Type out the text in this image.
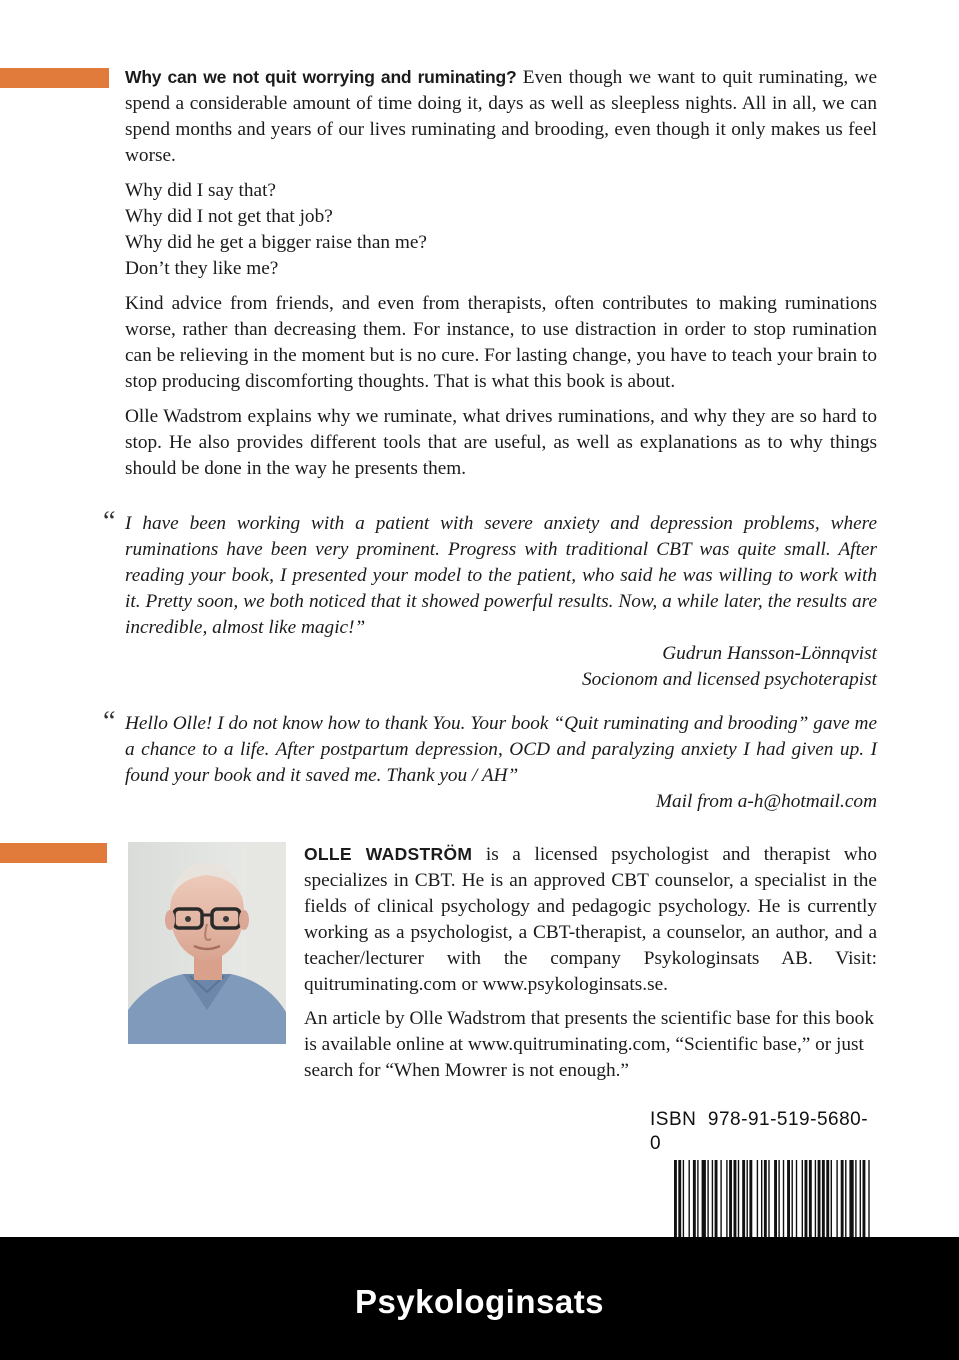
Why can we not quit worrying and ruminating? Even though we want to quit ruminating, we spend a considerable amount of time doing it, days as well as sleepless nights. All in all, we can spend months and years of our lives ruminating and brooding, even though it only makes us feel worse.

Why did I say that?
Why did I not get that job?
Why did he get a bigger raise than me?
Don’t they like me?

Kind advice from friends, and even from therapists, often contributes to making ruminations worse, rather than decreasing them. For instance, to use distraction in order to stop rumination can be relieving in the moment but is no cure. For lasting change, you have to teach your brain to stop producing discomforting thoughts. That is what this book is about.

Olle Wadstrom explains why we ruminate, what drives ruminations, and why they are so hard to stop. He also provides different tools that are useful, as well as explanations as to why things should be done in the way he presents them.

“ I have been working with a patient with severe anxiety and depression problems, where ruminations have been very prominent. Progress with traditional CBT was quite small. After reading your book, I presented your model to the patient, who said he was willing to work with it. Pretty soon, we both noticed that it showed powerful results. Now, a while later, the results are incredible, almost like magic!”

Gudrun Hansson-Lönnqvist

Socionom and licensed psychoterapist

“ Hello Olle! I do not know how to thank You. Your book “Quit ruminating and brooding” gave me a chance to a life. After postpartum depression, OCD and paralyzing anxiety I had given up. I found your book and it saved me. Thank you / AH”

Mail from a-h@hotmail.com

OLLE WADSTRÖM is a licensed psychologist and therapist who specializes in CBT. He is an approved CBT counselor, a specialist in the fields of clinical psychology and pedagogic psychology. He is currently working as a psychologist, a CBT-therapist, a counselor, an author, and a teacher/lecturer with the company Psykologinsats AB. Visit: quitruminating.com or www.psykologinsats.se.

An article by Olle Wadstrom that presents the scientific base for this book is available online at www.quitruminating.com, “Scientific base,” or just search for “When Mowrer is not enough.”

ISBN 978-91-519-5680-0

Psykologinsats
